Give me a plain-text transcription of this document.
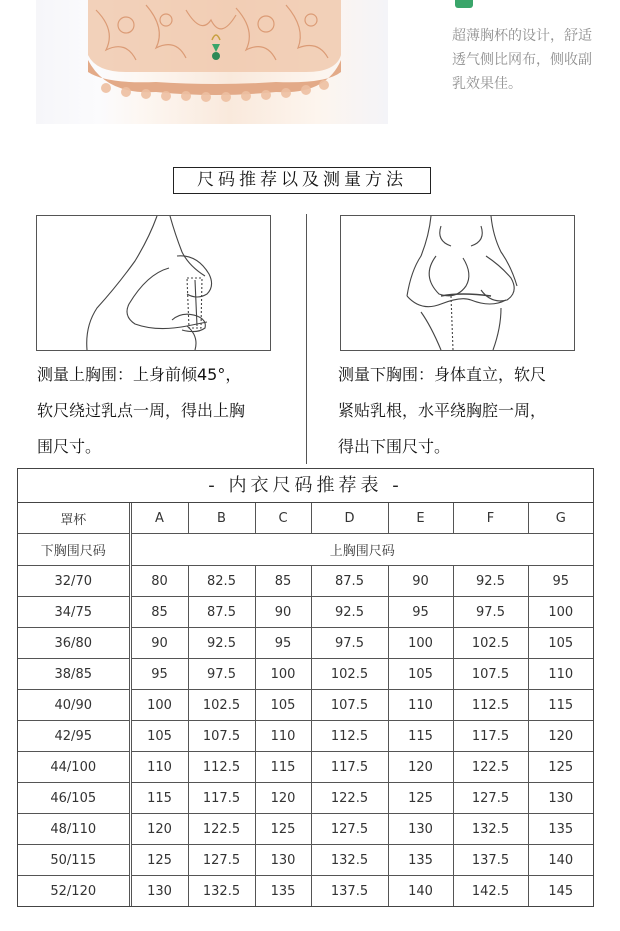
超薄胸杯的设计，舒适

透气侧比网布，侧收副

乳效果佳。

尺码推荐以及测量方法

测量上胸围：上身前倾45°，

软尺绕过乳点一周，得出上胸

围尺寸。

测量下胸围：身体直立，软尺

紧贴乳根，水平绕胸腔一周，

得出下围尺寸。

- 内衣尺码推荐表 -
罩杯	A	B	C	D	E	F	G
下胸围尺码	上胸围尺码						
32/70	80	82.5	85	87.5	90	92.5	95
34/75	85	87.5	90	92.5	95	97.5	100
36/80	90	92.5	95	97.5	100	102.5	105
38/85	95	97.5	100	102.5	105	107.5	110
40/90	100	102.5	105	107.5	110	112.5	115
42/95	105	107.5	110	112.5	115	117.5	120
44/100	110	112.5	115	117.5	120	122.5	125
46/105	115	117.5	120	122.5	125	127.5	130
48/110	120	122.5	125	127.5	130	132.5	135
50/115	125	127.5	130	132.5	135	137.5	140
52/120	130	132.5	135	137.5	140	142.5	145
